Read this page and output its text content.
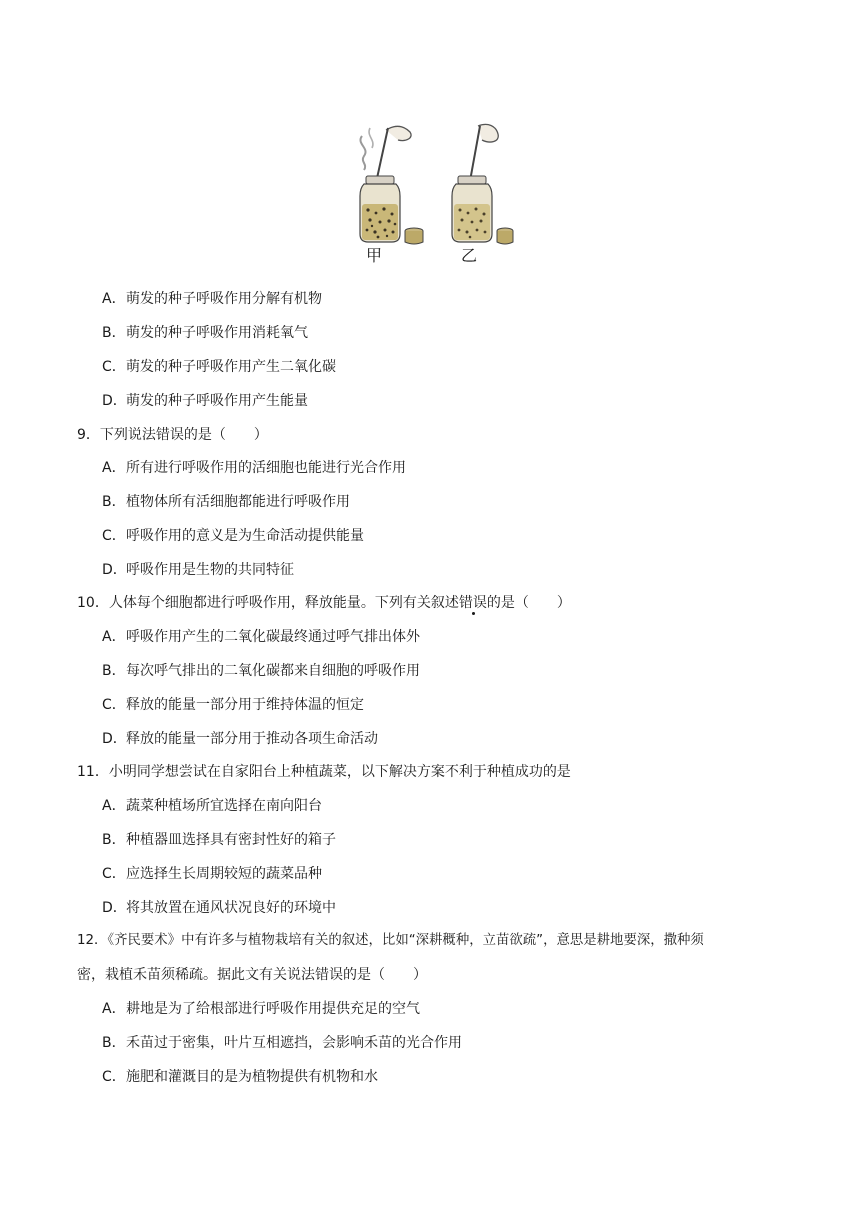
甲	乙
A．萌发的种子呼吸作用分解有机物
B．萌发的种子呼吸作用消耗氧气
C．萌发的种子呼吸作用产生二氧化碳
D．萌发的种子呼吸作用产生能量
9．下列说法错误的是（　　）
A．所有进行呼吸作用的活细胞也能进行光合作用
B．植物体所有活细胞都能进行呼吸作用
C．呼吸作用的意义是为生命活动提供能量
D．呼吸作用是生物的共同特征
10．人体每个细胞都进行呼吸作用，释放能量。下列有关叙述错误的是（　　）
A．呼吸作用产生的二氧化碳最终通过呼气排出体外
B．每次呼气排出的二氧化碳都来自细胞的呼吸作用
C．释放的能量一部分用于维持体温的恒定
D．释放的能量一部分用于推动各项生命活动
11．小明同学想尝试在自家阳台上种植蔬菜，以下解决方案不利于种植成功的是
A．蔬菜种植场所宜选择在南向阳台
B．种植器皿选择具有密封性好的箱子
C．应选择生长周期较短的蔬菜品种
D．将其放置在通风状况良好的环境中
12．《齐民要术》中有许多与植物栽培有关的叙述，比如“深耕穊种，立苗欲疏”，意思是耕地要深，撒种须
密，栽植禾苗须稀疏。据此文有关说法错误的是（　　）
A．耕地是为了给根部进行呼吸作用提供充足的空气
B．禾苗过于密集，叶片互相遮挡，会影响禾苗的光合作用
C．施肥和灌溉目的是为植物提供有机物和水
